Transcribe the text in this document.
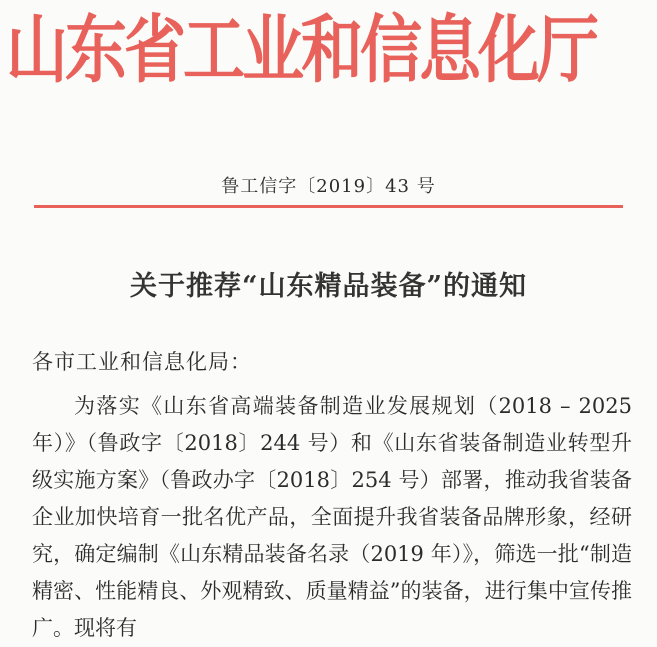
山东省工业和信息化厅
鲁工信字〔2019〕43 号
关于推荐“山东精品装备”的通知
各市工业和信息化局：

为落实《山东省高端装备制造业发展规划（2018 – 2025 年）》（鲁政字〔2018〕244 号）和《山东省装备制造业转型升级实施方案》（鲁政办字〔2018〕254 号）部署，推动我省装备企业加快培育一批名优产品，全面提升我省装备品牌形象，经研究，确定编制《山东精品装备名录（2019 年）》，筛选一批“制造精密、性能精良、外观精致、质量精益”的装备，进行集中宣传推广。现将有
